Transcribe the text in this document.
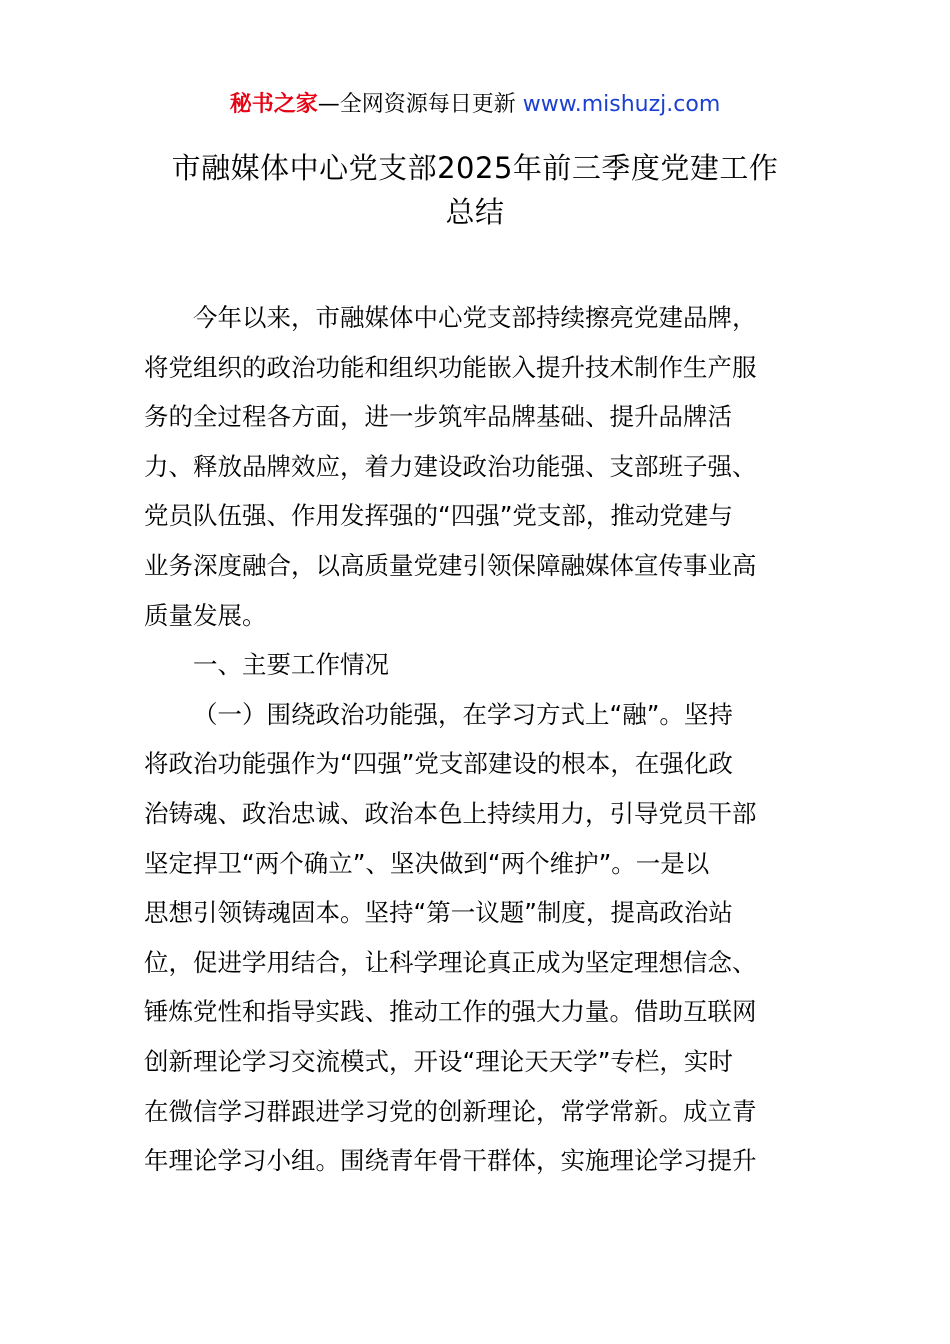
秘书之家—全网资源每日更新 www.mishuzj.com
市融媒体中心党支部2025年前三季度党建工作
总结
今年以来，市融媒体中心党支部持续擦亮党建品牌，
将党组织的政治功能和组织功能嵌入提升技术制作生产服
务的全过程各方面，进一步筑牢品牌基础、提升品牌活
力、释放品牌效应，着力建设政治功能强、支部班子强、
党员队伍强、作用发挥强的“四强”党支部，推动党建与
业务深度融合，以高质量党建引领保障融媒体宣传事业高
质量发展。
一、主要工作情况
（一）围绕政治功能强，在学习方式上“融”。坚持
将政治功能强作为“四强”党支部建设的根本，在强化政
治铸魂、政治忠诚、政治本色上持续用力，引导党员干部
坚定捍卫“两个确立”、坚决做到“两个维护”。一是以
思想引领铸魂固本。坚持“第一议题”制度，提高政治站
位，促进学用结合，让科学理论真正成为坚定理想信念、
锤炼党性和指导实践、推动工作的强大力量。借助互联网
创新理论学习交流模式，开设“理论天天学”专栏，实时
在微信学习群跟进学习党的创新理论，常学常新。成立青
年理论学习小组。围绕青年骨干群体，实施理论学习提升
